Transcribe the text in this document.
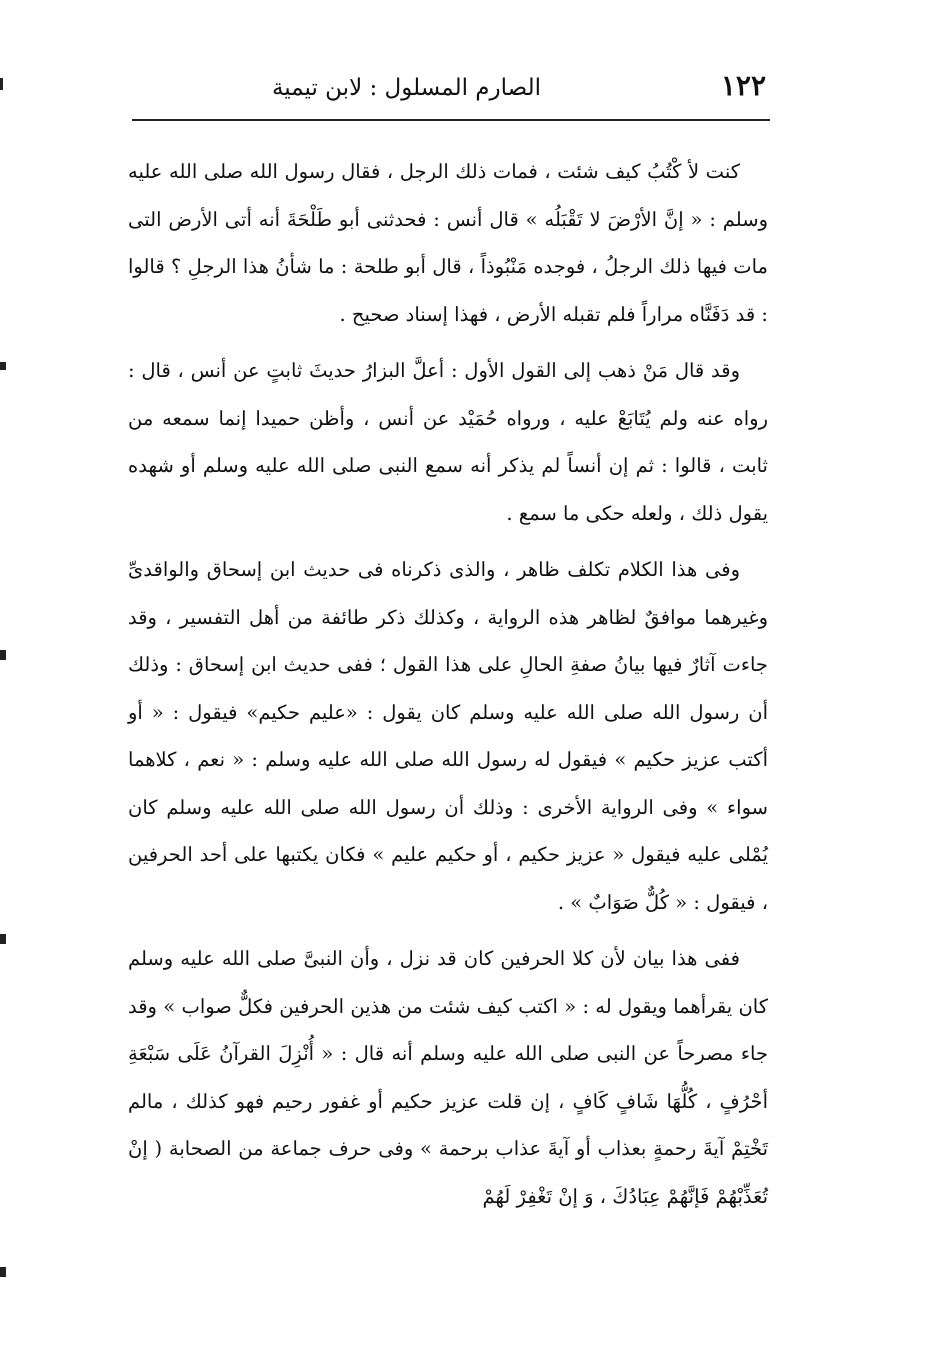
١٢٢
الصارم المسلول : لابن تيمية

كنت لأ كْتُبُ كيف شئت ، فمات ذلك الرجل ، فقال رسول الله صلى الله عليه وسلم : « إنَّ الأرْضَ لا تَقْبَلُه » قال أنس : فحدثنى أبو طَلْحَةَ أنه أتى الأرض التى مات فيها ذلك الرجلُ ، فوجده مَنْبُوذاً ، قال أبو طلحة : ما شأنُ هذا الرجلِ ؟ قالوا : قد دَفَنَّاه مراراً فلم تقبله الأرض ، فهذا إسناد صحيح .

وقد قال مَنْ ذهب إلى القول الأول : أعلَّ البزارُ حديثَ ثابتٍ عن أنس ، قال : رواه عنه ولم يُتَابَعْ عليه ، ورواه حُمَيْد عن أنس ، وأظن حميدا إنما سمعه من ثابت ، قالوا : ثم إن أنساً لم يذكر أنه سمع النبى صلى الله عليه وسلم أو شهده يقول ذلك ، ولعله حكى ما سمع .

وفى هذا الكلام تكلف ظاهر ، والذى ذكرناه فى حديث ابن إسحاق والواقدىِّ وغيرهما موافقٌ لظاهر هذه الرواية ، وكذلك ذكر طائفة من أهل التفسير ، وقد جاءت آثارٌ فيها بيانُ صفةِ الحالِ على هذا القول ؛ ففى حديث ابن إسحاق : وذلك أن رسول الله صلى الله عليه وسلم كان يقول : «عليم حكيم» فيقول : « أو أكتب عزيز حكيم » فيقول له رسول الله صلى الله عليه وسلم : « نعم ، كلاهما سواء » وفى الرواية الأخرى : وذلك أن رسول الله صلى الله عليه وسلم كان يُمْلى عليه فيقول « عزيز حكيم ، أو حكيم عليم » فكان يكتبها على أحد الحرفين ، فيقول : « كُلٌّ صَوَابٌ » .

ففى هذا بيان لأن كلا الحرفين كان قد نزل ، وأن النبىَّ صلى الله عليه وسلم كان يقرأهما ويقول له : « اكتب كيف شئت من هذين الحرفين فكلٌّ صواب » وقد جاء مصرحاً عن النبى صلى الله عليه وسلم أنه قال : « أُنْزِلَ القرآنُ عَلَى سَبْعَةِ أحْرُفٍ ، كُلُّهَا شَافٍ كَافٍ ، إن قلت عزيز حكيم أو غفور رحيم فهو كذلك ، مالم تَخْتِمْ آيةَ رحمةٍ بعذاب أو آيةَ عذاب برحمة » وفى حرف جماعة من الصحابة ( إنْ تُعَذِّبْهُمْ فَإنَّهُمْ عِبَادُكَ ، وَ إنْ تَغْفِرْ لَهُمْ
